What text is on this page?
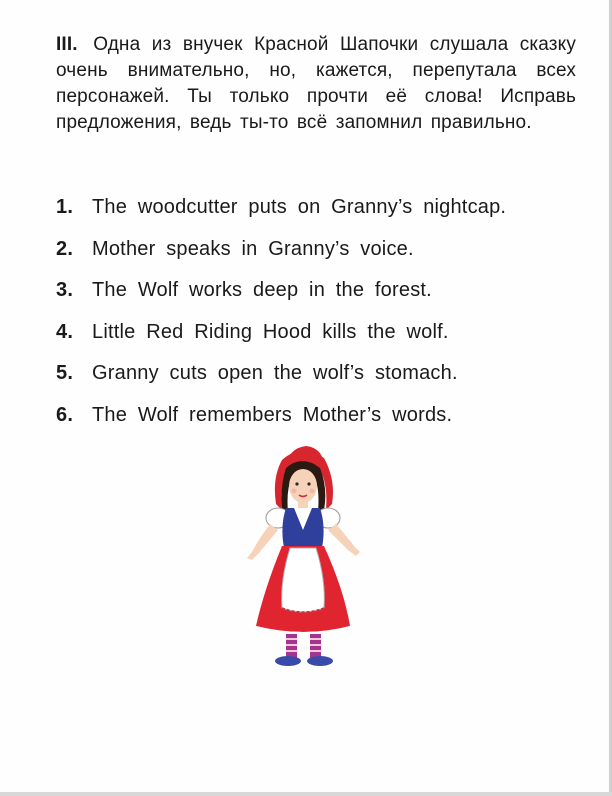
III. Одна из внучек Красной Шапочки слушала сказку очень внимательно, но, кажется, перепутала всех персонажей. Ты только прочти её слова! Исправь предложения, ведь ты-то всё запомнил правильно.
1. The woodcutter puts on Granny’s nightcap.
2. Mother speaks in Granny’s voice.
3. The Wolf works deep in the forest.
4. Little Red Riding Hood kills the wolf.
5. Granny cuts open the wolf’s stomach.
6. The Wolf remembers Mother’s words.
